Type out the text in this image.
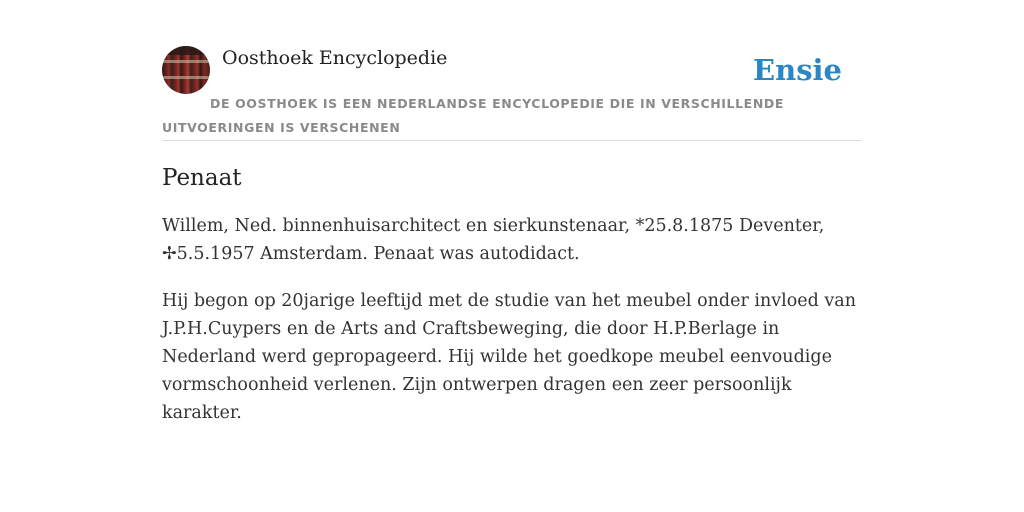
Oosthoek Encyclopedie	Ensie
DE OOSTHOEK IS EEN NEDERLANDSE ENCYCLOPEDIE DIE IN VERSCHILLENDE UITVOERINGEN IS VERSCHENEN
Penaat

Willem, Ned. binnenhuisarchitect en sierkunstenaar, *25.8.1875 Deventer, ✢5.5.1957 Amsterdam. Penaat was autodidact.

Hij begon op 20jarige leeftijd met de studie van het meubel onder invloed van J.P.H.Cuypers en de Arts and Craftsbeweging, die door H.P.Berlage in Nederland werd gepropageerd. Hij wilde het goedkope meubel eenvoudige vormschoonheid verlenen. Zijn ontwerpen dragen een zeer persoonlijk karakter.
